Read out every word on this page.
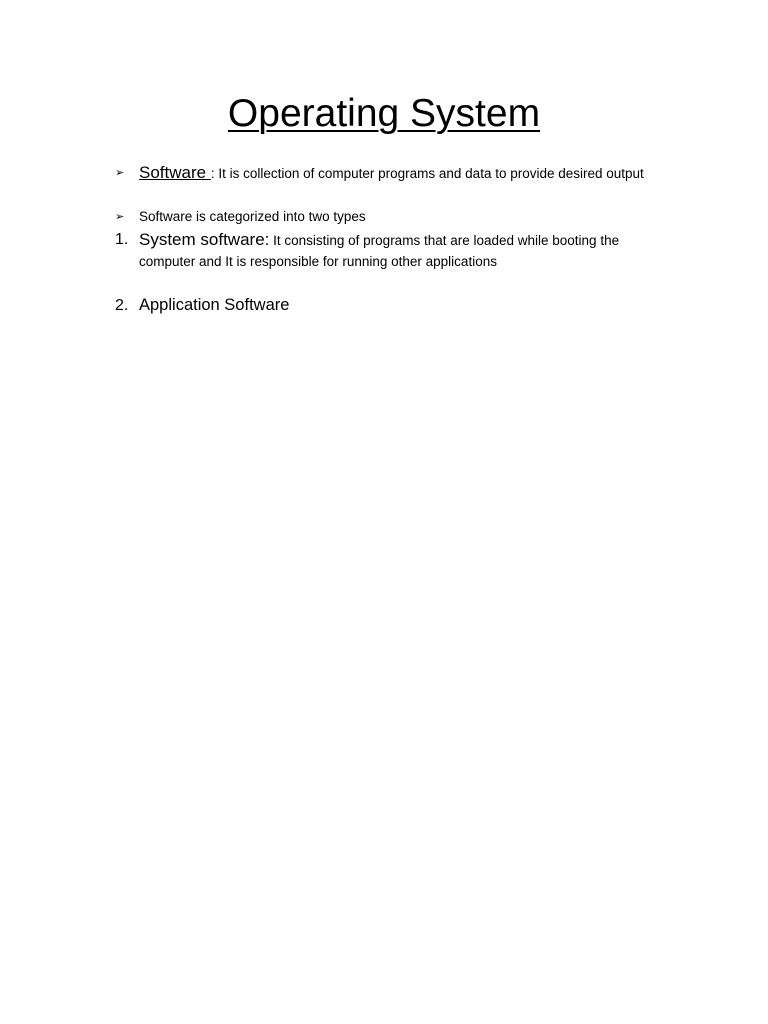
Operating System
➢ Software : It is collection of computer programs and data to provide desired output
➢	Software is categorized into two types
1. System software: It consisting of programs that are loaded while booting the computer and It is responsible for running other applications
2. Application Software
